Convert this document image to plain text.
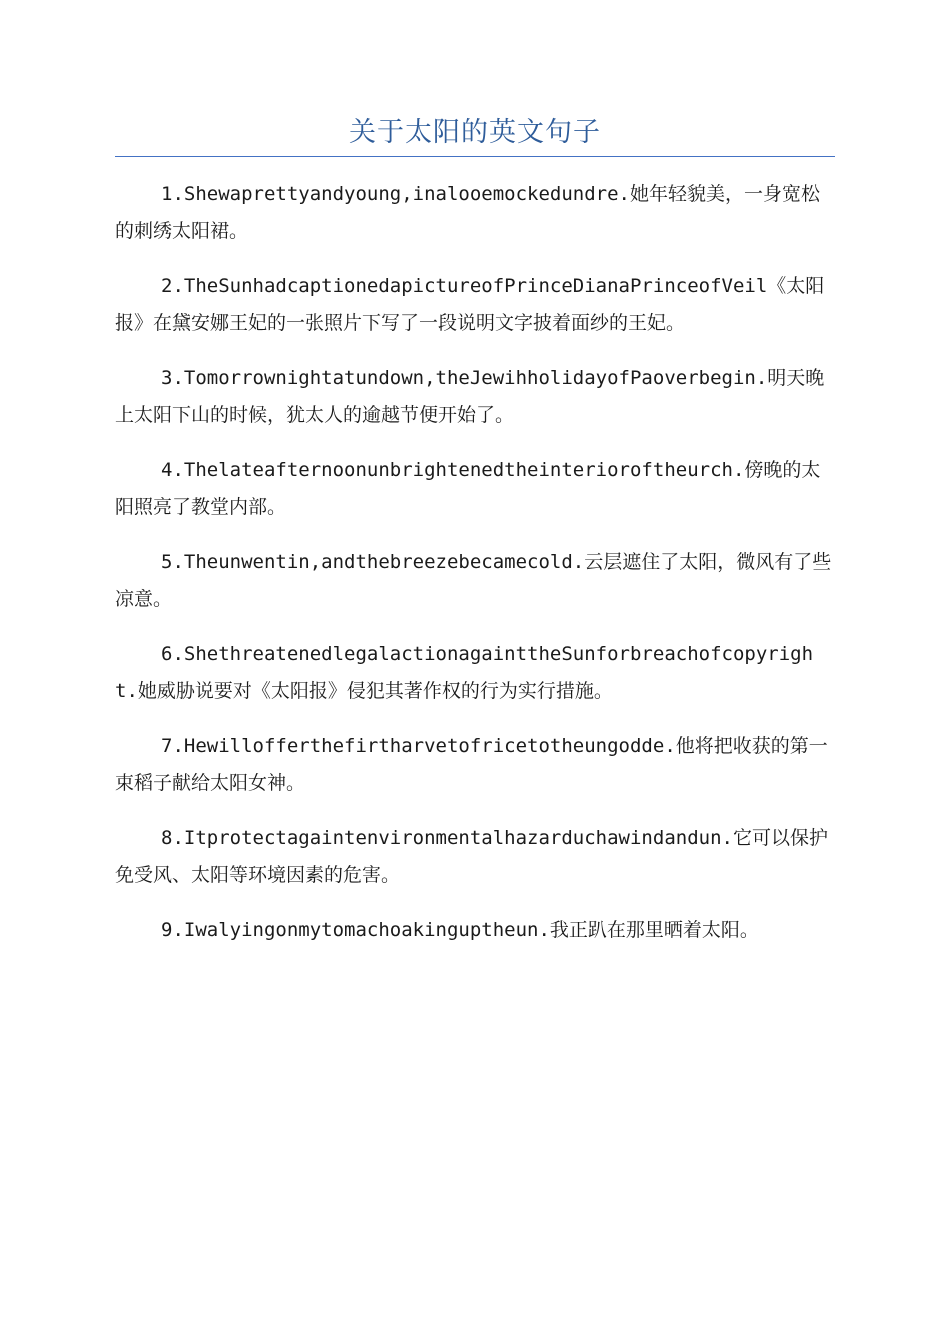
关于太阳的英文句子

1.Shewaprettyandyoung,inalooemockedundre.她年轻貌美，一身宽松的刺绣太阳裙。

2.TheSunhadcaptionedapictureofPrinceDianaPrinceofVeil《太阳报》在黛安娜王妃的一张照片下写了一段说明文字披着面纱的王妃。

3.Tomorrownightatundown,theJewihholidayofPaoverbegin.明天晚上太阳下山的时候，犹太人的逾越节便开始了。

4.Thelateafternoonunbrightenedtheinterioroftheurch.傍晚的太阳照亮了教堂内部。

5.Theunwentin,andthebreezebecamecold.云层遮住了太阳，微风有了些凉意。

6.ShethreatenedlegalactionagainttheSunforbreachofcopyright.她威胁说要对《太阳报》侵犯其著作权的行为实行措施。

7.Hewillofferthefirtharvetofricetotheungodde.他将把收获的第一束稻子献给太阳女神。

8.Itprotectagaintenvironmentalhazarduchawindandun.它可以保护免受风、太阳等环境因素的危害。

9.Iwalyingonmytomachoakinguptheun.我正趴在那里晒着太阳。
